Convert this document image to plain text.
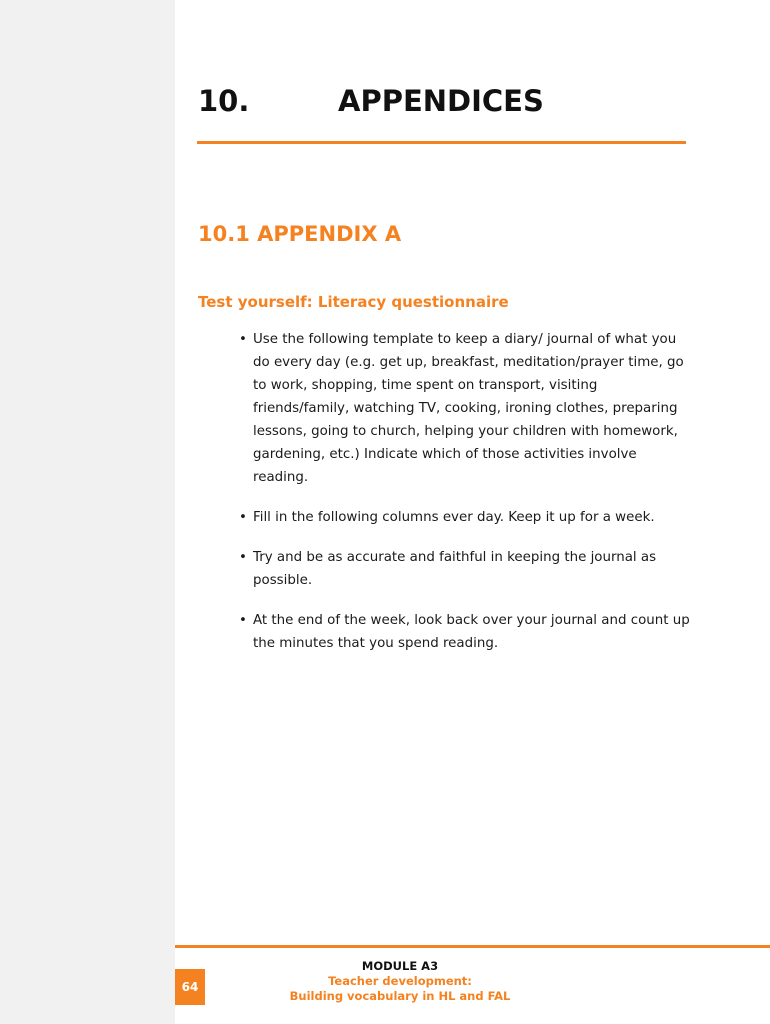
10.	APPENDICES
10.1 APPENDIX A
Test yourself: Literacy questionnaire
• Use the following template to keep a diary/ journal of what you do every day (e.g. get up, breakfast, meditation/prayer time, go to work, shopping, time spent on transport, visiting friends/family, watching TV, cooking, ironing clothes, preparing lessons, going to church, helping your children with homework, gardening, etc.) Indicate which of those activities involve reading.
• Fill in the following columns ever day. Keep it up for a week.
• Try and be as accurate and faithful in keeping the journal as possible.
• At the end of the week, look back over your journal and count up the minutes that you spend reading.
64
MODULE A3
Teacher development:
Building vocabulary in HL and FAL
